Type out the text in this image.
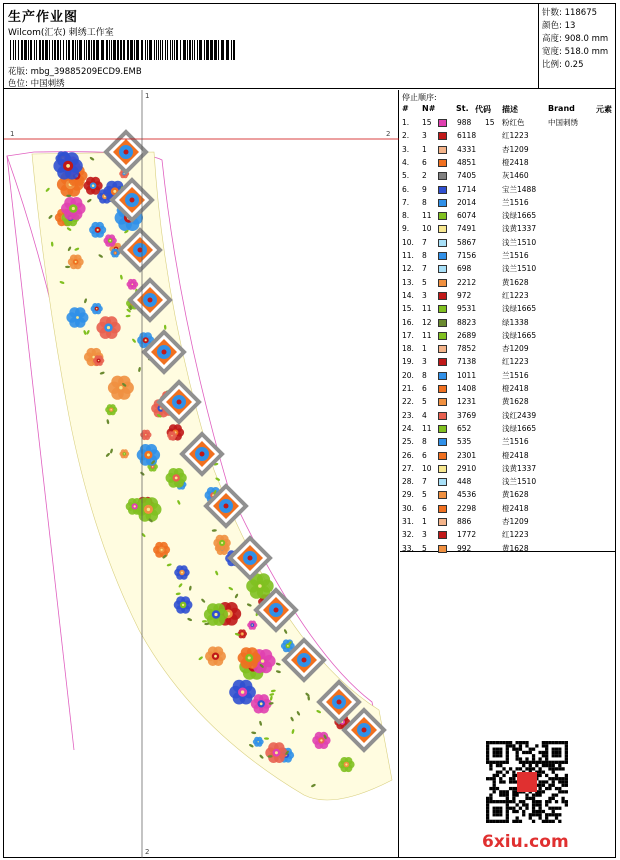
生产作业图
Wilcom(汇农) 刺绣工作室
花版: mbg_39885209ECD9.EMB
色位: 中国刺绣
针数: 118675
颜色: 13
高度: 908.0 mm
宽度: 518.0 mm
比例: 0.25
1	2
1
2
停止顺序:
# N#	St. 代码 描述	Brand	元素
1. 15	988 15 粉红色	中国刺绣
2. 3	6118	红1223
3. 1	4331	杏1209
4. 6	4851	橙2418
5. 2	7405	灰1460
6. 9	1714	宝兰1488
7. 8	2014	兰1516
8. 11	6074	浅绿1665
9. 10	7491	浅黄1337
10. 7	5867	浅兰1510
11. 8	7156	兰1516
12. 7	698	浅兰1510
13. 5	2212	黄1628
14. 3	972	红1223
15. 11	9531	浅绿1665
16. 12	8823	绿1338
17. 11	2689	浅绿1665
18. 1	7852	杏1209
19. 3	7138	红1223
20. 8	1011	兰1516
21. 6	1408	橙2418
22. 5	1231	黄1628
23. 4	3769	浅红2439
24. 11	652	浅绿1665
25. 8	535	兰1516
26. 6	2301	橙2418
27. 10	2910	浅黄1337
28. 7	448	浅兰1510
29. 5	4536	黄1628
30. 6	2298	橙2418
31. 1	886	杏1209
32. 3	1772	红1223
33. 5	992	黄1628
6xiu.com
